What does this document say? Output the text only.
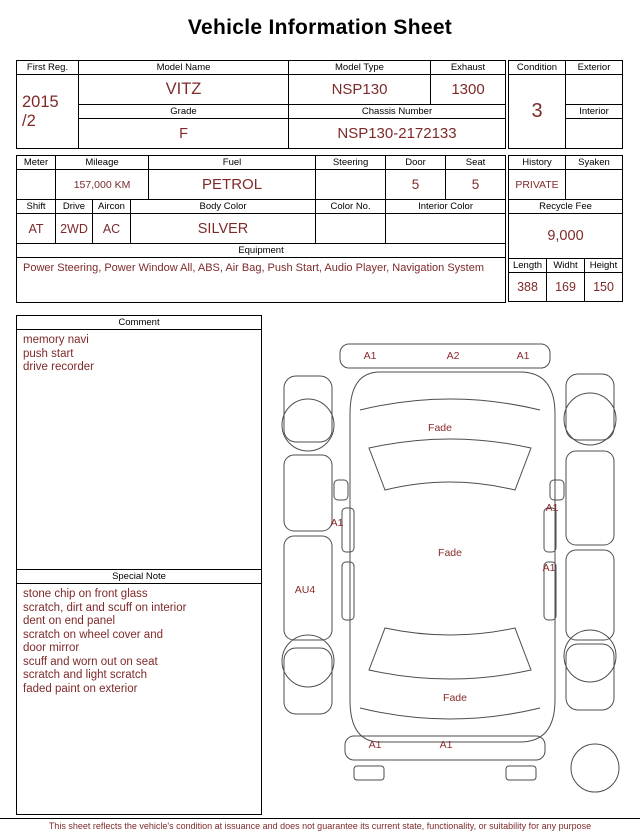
Vehicle Information Sheet
First Reg.	Model Name	Model Type	Exhaust

2015
/2	VITZ	NSP130	1300
	Grade	Chassis Number	
	F	NSP130-2172133	
Condition	Exterior
3	
	Interior

Meter	Mileage			Fuel	Steering	Door	Seat
	157,000 KM			PETROL		5	5
Shift	Drive	Aircon	Body Color		Color No.	Interior Color	
AT	2WD	AC	SILVER				
Equipment							
Power Steering, Power Window All, ABS, Air Bag, Push Start, Audio Player, Navigation System							
History		Syaken	
PRIVATE			
Recycle Fee			
9,000			
Length	Widht		Height
388	169		150
Comment
memory navi
push start
drive recorder
Special Note
stone chip on front glass
scratch, dirt and scuff on interior
dent on end panel
scratch on wheel cover and
door mirror
scuff and worn out on seat
scratch and light scratch
faded paint on exterior
A1	A2	A1
Fade
A1
A1
Fade
A1
AU4
Fade
A1	A1
This sheet reflects the vehicle's condition at issuance and does not guarantee its current state, functionality, or suitability for any purpose
